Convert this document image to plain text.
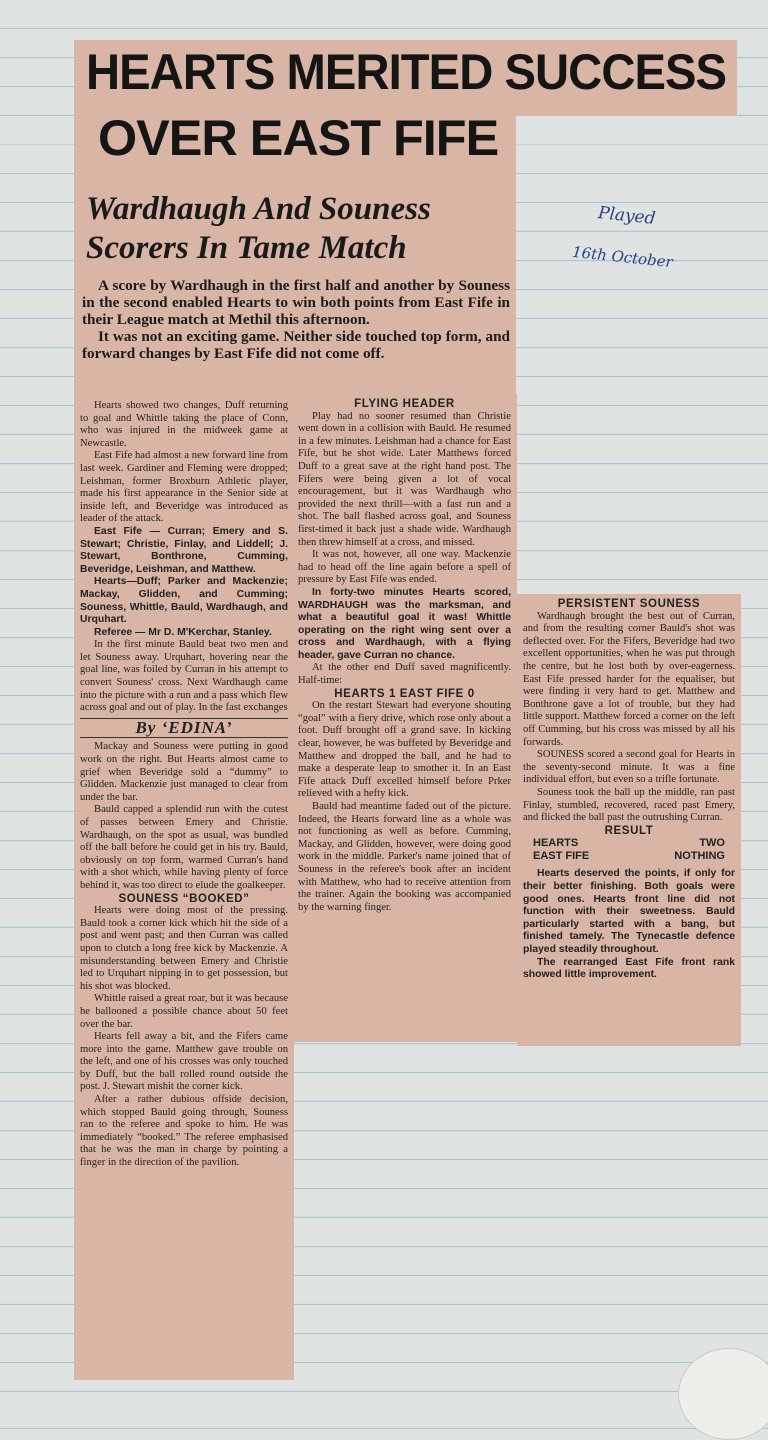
HEARTS MERITED SUCCESS
OVER EAST FIFE
Wardhaugh And Souness
Scorers In Tame Match

A score by Wardhaugh in the first half and another by Souness in the second enabled Hearts to win both points from East Fife in their League match at Methil this afternoon.

It was not an exciting game. Neither side touched top form, and forward changes by East Fife did not come off.

Played
16th October

Hearts showed two changes, Duff returning to goal and Whittle taking the place of Conn, who was injured in the midweek game at Newcastle.

East Fife had almost a new forward line from last week. Gardiner and Fleming were dropped; Leishman, former Broxburn Athletic player, made his first appearance in the Senior side at inside left, and Beveridge was introduced as leader of the attack.

East Fife — Curran; Emery and S. Stewart; Christie, Finlay, and Liddell; J. Stewart, Bonthrone, Cumming, Beveridge, Leishman, and Matthew.

Hearts—Duff; Parker and Mackenzie; Mackay, Glidden, and Cumming; Souness, Whittle, Bauld, Wardhaugh, and Urquhart.

Referee — Mr D. M'Kerchar, Stanley.

In the first minute Bauld beat two men and let Souness away. Urquhart, hovering near the goal line, was foiled by Curran in his attempt to convert Souness' cross. Next Wardhaugh came into the picture with a run and a pass which flew across goal and out of play. In the fast exchanges

By ‘EDINA’

Mackay and Souness were putting in good work on the right. But Hearts almost came to grief when Beveridge sold a “dummy” to Glidden. Mackenzie just managed to clear from under the bar.

Bauld capped a splendid run with the cutest of passes between Emery and Christie. Wardhaugh, on the spot as usual, was bundled off the ball before he could get in his try. Bauld, obviously on top form, warmed Curran's hand with a shot which, while having plenty of force behind it, was too direct to elude the goalkeeper.

SOUNESS “BOOKED”

Hearts were doing most of the pressing. Bauld took a corner kick which hit the side of a post and went past; and then Curran was called upon to clutch a long free kick by Mackenzie. A misunderstanding between Emery and Christie led to Urquhart nipping in to get possession, but his shot was blocked.

Whittle raised a great roar, but it was because he ballooned a possible chance about 50 feet over the bar.

Hearts fell away a bit, and the Fifers came more into the game. Matthew gave trouble on the left, and one of his crosses was only touched by Duff, but the ball rolled round outside the post. J. Stewart mishit the corner kick.

After a rather dubious offside decision, which stopped Bauld going through, Souness ran to the referee and spoke to him. He was immediately “booked.” The referee emphasised that he was the man in charge by pointing a finger in the direction of the pavilion.

FLYING HEADER

Play had no sooner resumed than Christie went down in a collision with Bauld. He resumed in a few minutes. Leishman had a chance for East Fife, but he shot wide. Later Matthews forced Duff to a great save at the right hand post. The Fifers were being given a lot of vocal encouragement, but it was Wardhaugh who provided the next thrill—with a fast run and a shot. The ball flashed across goal, and Souness first-timed it back just a shade wide. Wardhaugh then threw himself at a cross, and missed.

It was not, however, all one way. Mackenzie had to head off the line again before a spell of pressure by East Fife was ended.

In forty-two minutes Hearts scored, WARDHAUGH was the marksman, and what a beautiful goal it was! Whittle operating on the right wing sent over a cross and Wardhaugh, with a flying header, gave Curran no chance.

At the other end Duff saved magnificently. Half-time:

HEARTS 1 EAST FIFE 0

On the restart Stewart had everyone shouting “goal” with a fiery drive, which rose only about a foot. Duff brought off a grand save. In kicking clear, however, he was buffeted by Beveridge and Matthew and dropped the ball, and he had to make a desperate leap to smother it. In an East Fife attack Duff excelled himself before Prker relieved with a hefty kick.

Bauld had meantime faded out of the picture. Indeed, the Hearts forward line as a whole was not functioning as well as before. Cumming, Mackay, and Glidden, however, were doing good work in the middle. Parker's name joined that of Souness in the referee's book after an incident with Matthew, who had to receive attention from the trainer. Again the booking was accompanied by the warning finger.

PERSISTENT SOUNESS

Wardhaugh brought the best out of Curran, and from the resulting corner Bauld's shot was deflected over. For the Fifers, Beveridge had two excellent opportunities, when he was put through the centre, but he lost both by over-eagerness. East Fife pressed harder for the equaliser, but were finding it very hard to get. Matthew and Bonthrone gave a lot of trouble, but they had little support. Matthew forced a corner on the left off Cumming, but his cross was missed by all his forwards.

SOUNESS scored a second goal for Hearts in the seventy-second minute. It was a fine individual effort, but even so a trifle fortunate.

Souness took the ball up the middle, ran past Finlay, stumbled, recovered, raced past Emery, and flicked the ball past the outrushing Curran.

RESULT

HEARTS	TWO
EAST FIFE	NOTHING

Hearts deserved the points, if only for their better finishing. Both goals were good ones. Hearts front line did not function with their sweetness. Bauld particularly started with a bang, but finished tamely. The Tynecastle defence played steadily throughout.

The rearranged East Fife front rank showed little improvement.
